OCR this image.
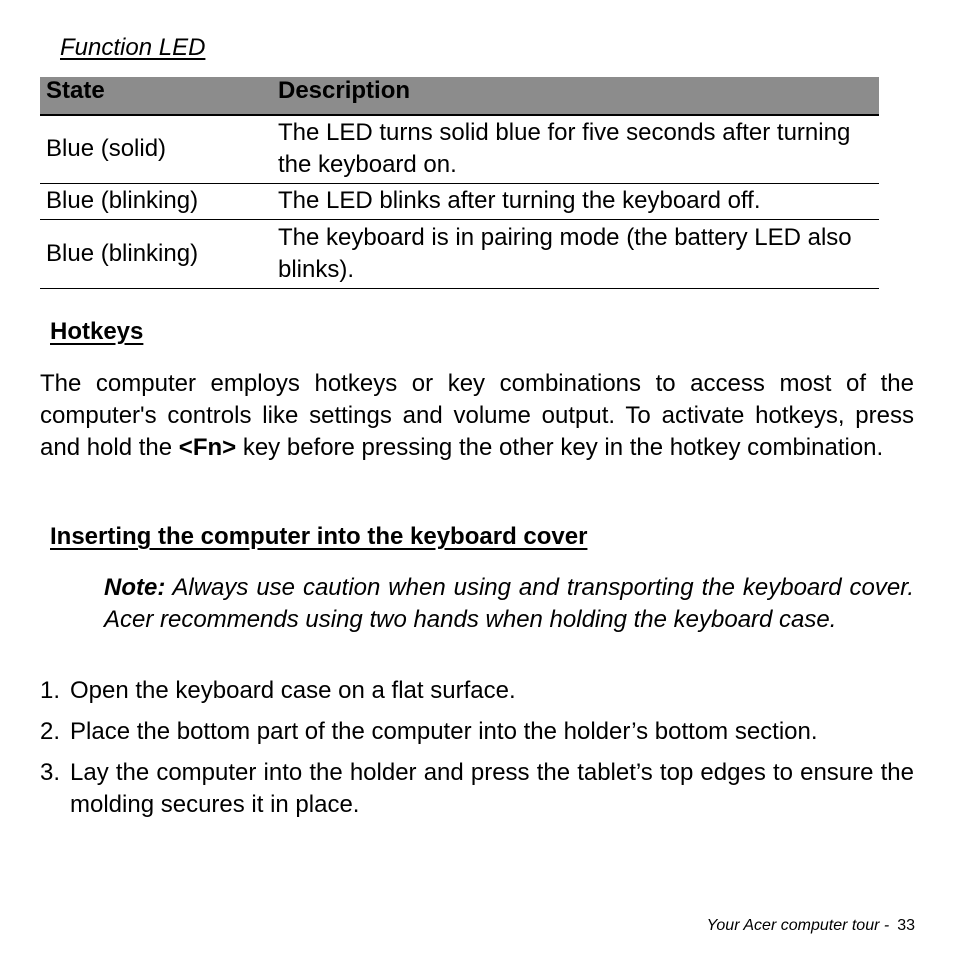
Function LED
State	Description
Blue (solid)	The LED turns solid blue for five seconds after turning the keyboard on.
Blue (blinking)	The LED blinks after turning the keyboard off.
Blue (blinking)	The keyboard is in pairing mode (the battery LED also blinks).
Hotkeys

The computer employs hotkeys or key combinations to access most of the computer's controls like settings and volume output. To activate hotkeys, press and hold the <Fn> key before pressing the other key in the hotkey combination.

Inserting the computer into the keyboard cover

Note: Always use caution when using and transporting the keyboard cover. Acer recommends using two hands when holding the keyboard case.

1. Open the keyboard case on a flat surface.
2. Place the bottom part of the computer into the holder’s bottom section.
3. Lay the computer into the holder and press the tablet’s top edges to ensure the molding secures it in place.
Your Acer computer tour - 33
